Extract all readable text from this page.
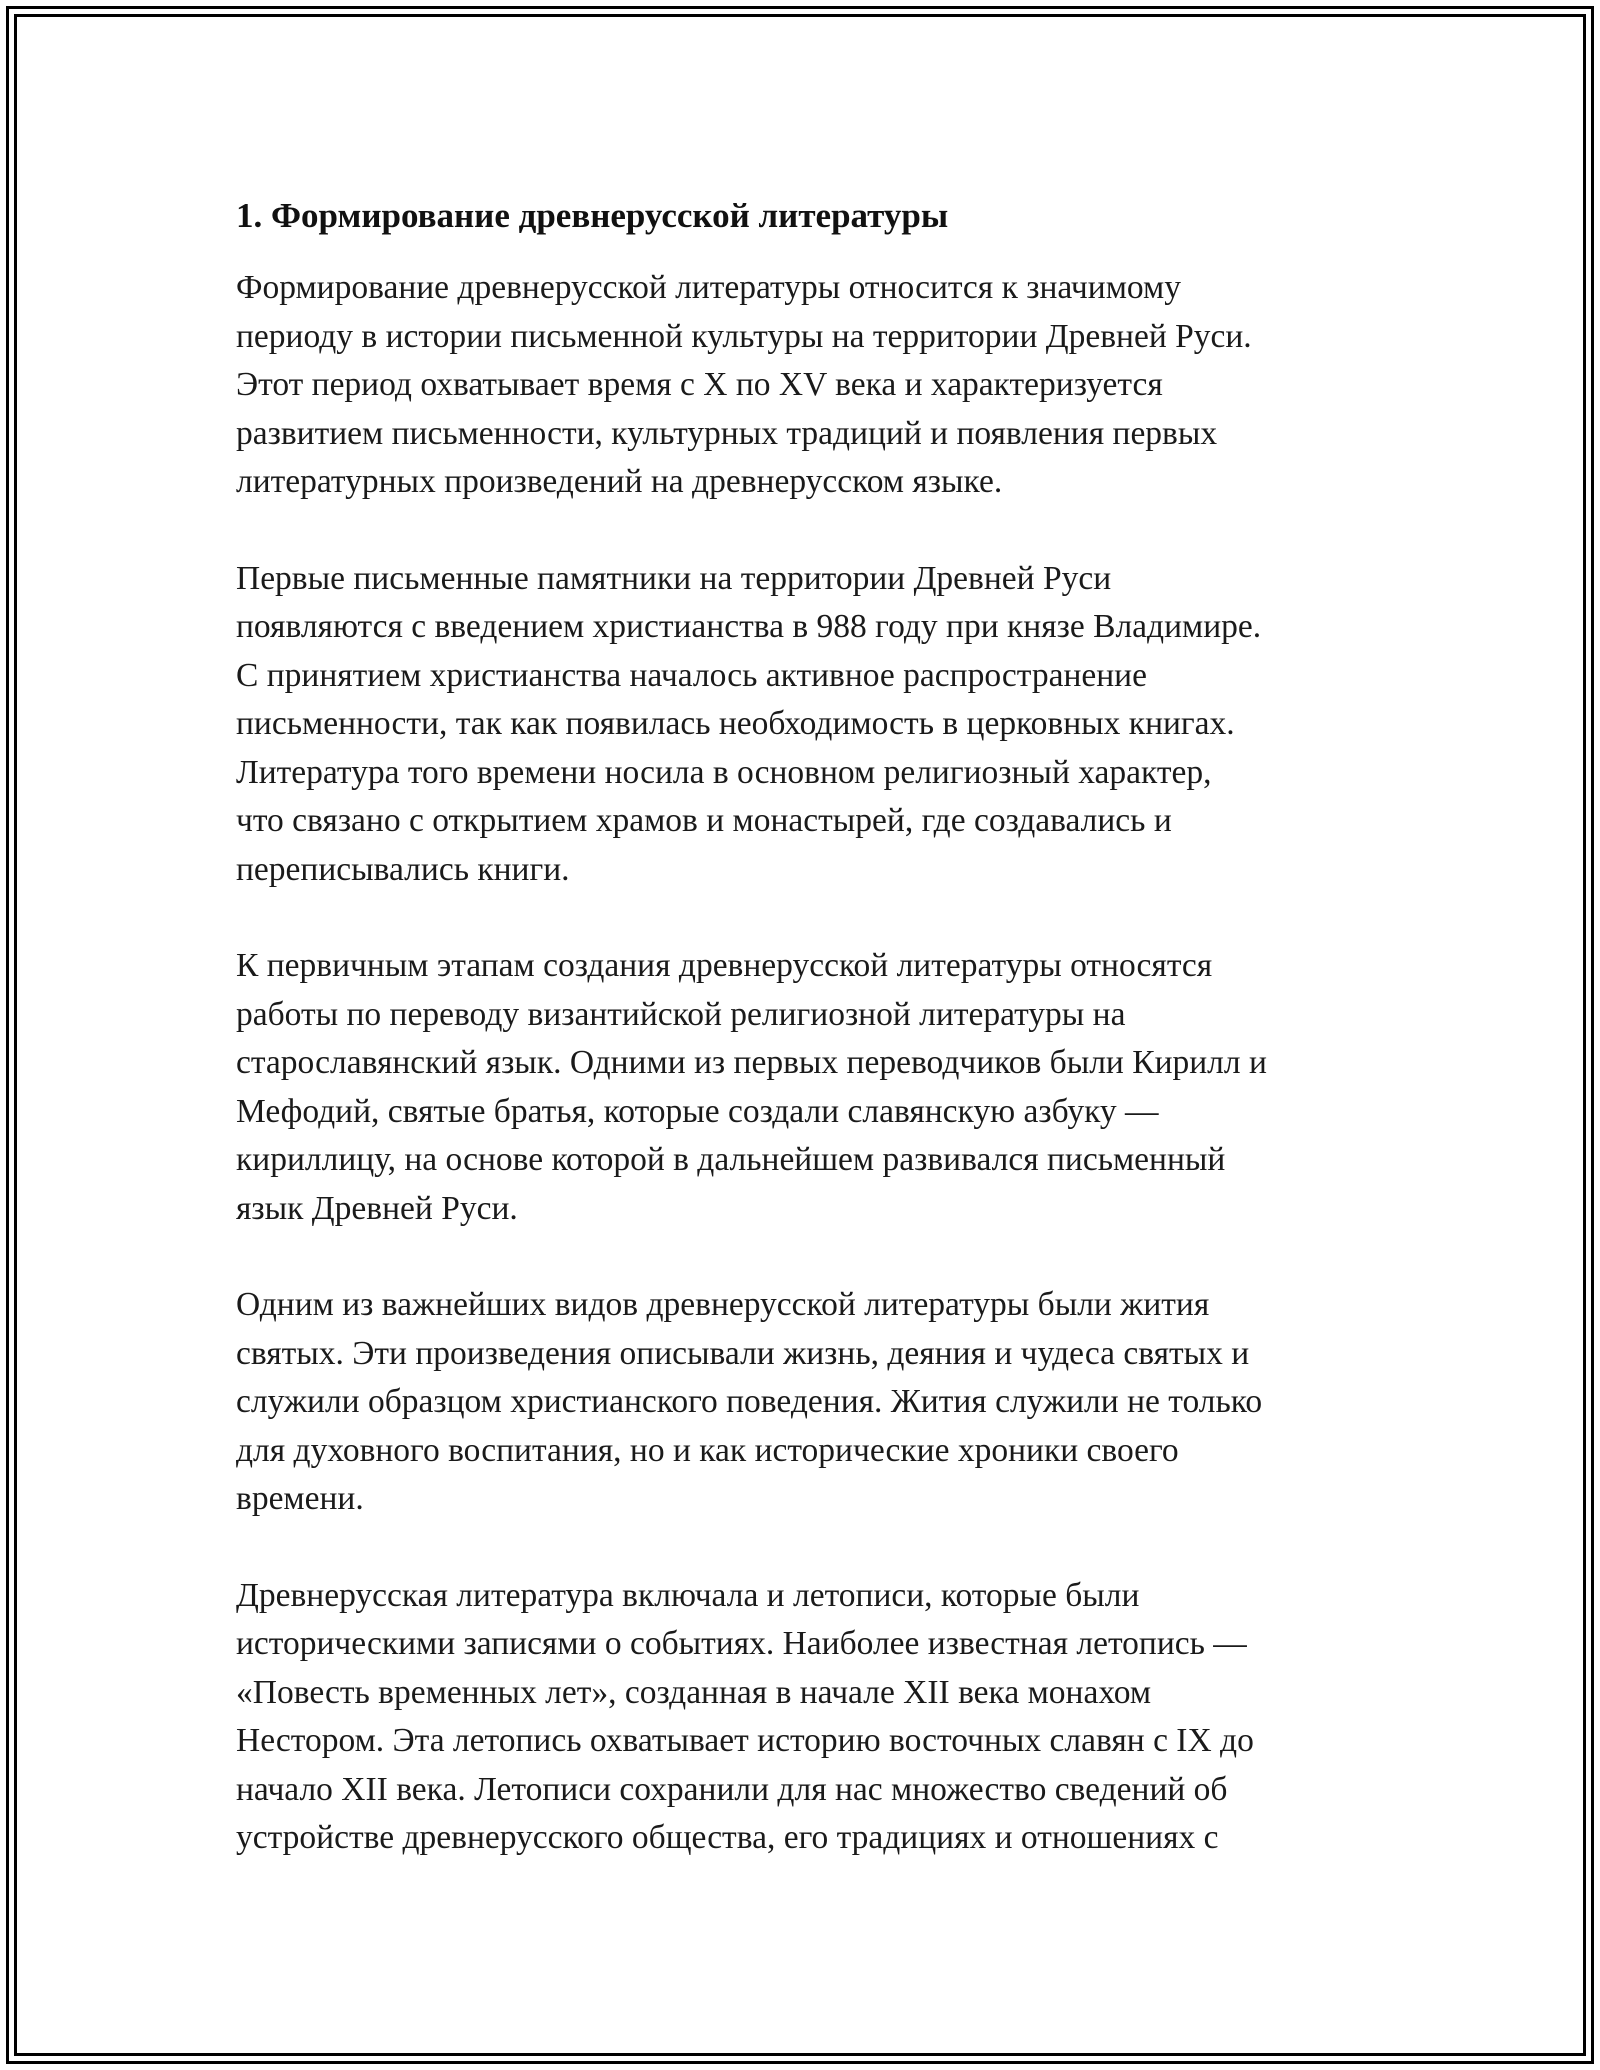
1. Формирование древнерусской литературы

Формирование древнерусской литературы относится к значимому
периоду в истории письменной культуры на территории Древней Руси.
Этот период охватывает время с X по XV века и характеризуется
развитием письменности, культурных традиций и появления первых
литературных произведений на древнерусском языке.

Первые письменные памятники на территории Древней Руси
появляются с введением христианства в 988 году при князе Владимире.
С принятием христианства началось активное распространение
письменности, так как появилась необходимость в церковных книгах.
Литература того времени носила в основном религиозный характер,
что связано с открытием храмов и монастырей, где создавались и
переписывались книги.

К первичным этапам создания древнерусской литературы относятся
работы по переводу византийской религиозной литературы на
старославянский язык. Одними из первых переводчиков были Кирилл и
Мефодий, святые братья, которые создали славянскую азбуку —
кириллицу, на основе которой в дальнейшем развивался письменный
язык Древней Руси.

Одним из важнейших видов древнерусской литературы были жития
святых. Эти произведения описывали жизнь, деяния и чудеса святых и
служили образцом христианского поведения. Жития служили не только
для духовного воспитания, но и как исторические хроники своего
времени.

Древнерусская литература включала и летописи, которые были
историческими записями о событиях. Наиболее известная летопись —
«Повесть временных лет», созданная в начале XII века монахом
Нестором. Эта летопись охватывает историю восточных славян с IX до
начало XII века. Летописи сохранили для нас множество сведений об
устройстве древнерусского общества, его традициях и отношениях с
